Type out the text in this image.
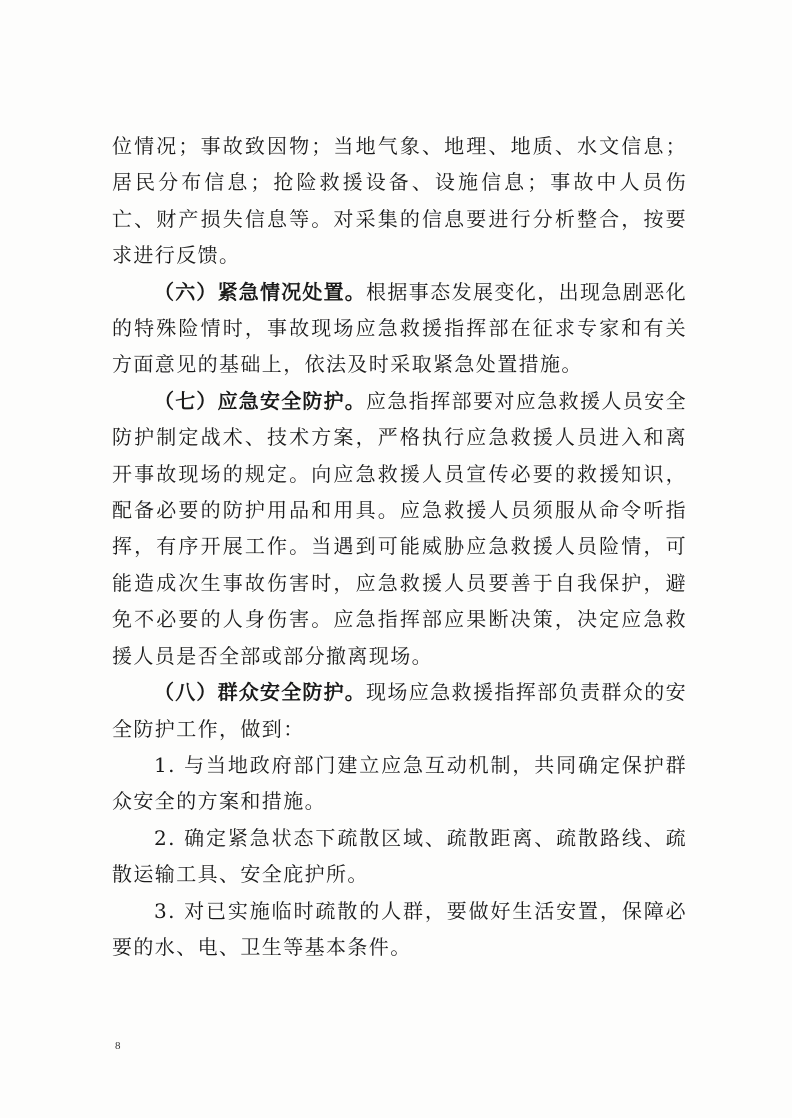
位情况；事故致因物；当地气象、地理、地质、水文信息；居民分布信息；抢险救援设备、设施信息；事故中人员伤亡、财产损失信息等。对采集的信息要进行分析整合，按要求进行反馈。

（六）紧急情况处置。根据事态发展变化，出现急剧恶化的特殊险情时，事故现场应急救援指挥部在征求专家和有关方面意见的基础上，依法及时采取紧急处置措施。

（七）应急安全防护。应急指挥部要对应急救援人员安全防护制定战术、技术方案，严格执行应急救援人员进入和离开事故现场的规定。向应急救援人员宣传必要的救援知识，配备必要的防护用品和用具。应急救援人员须服从命令听指挥，有序开展工作。当遇到可能威胁应急救援人员险情，可能造成次生事故伤害时，应急救援人员要善于自我保护，避免不必要的人身伤害。应急指挥部应果断决策，决定应急救援人员是否全部或部分撤离现场。

（八）群众安全防护。现场应急救援指挥部负责群众的安全防护工作，做到：

1. 与当地政府部门建立应急互动机制，共同确定保护群众安全的方案和措施。

2. 确定紧急状态下疏散区域、疏散距离、疏散路线、疏散运输工具、安全庇护所。

3. 对已实施临时疏散的人群，要做好生活安置，保障必要的水、电、卫生等基本条件。

8
